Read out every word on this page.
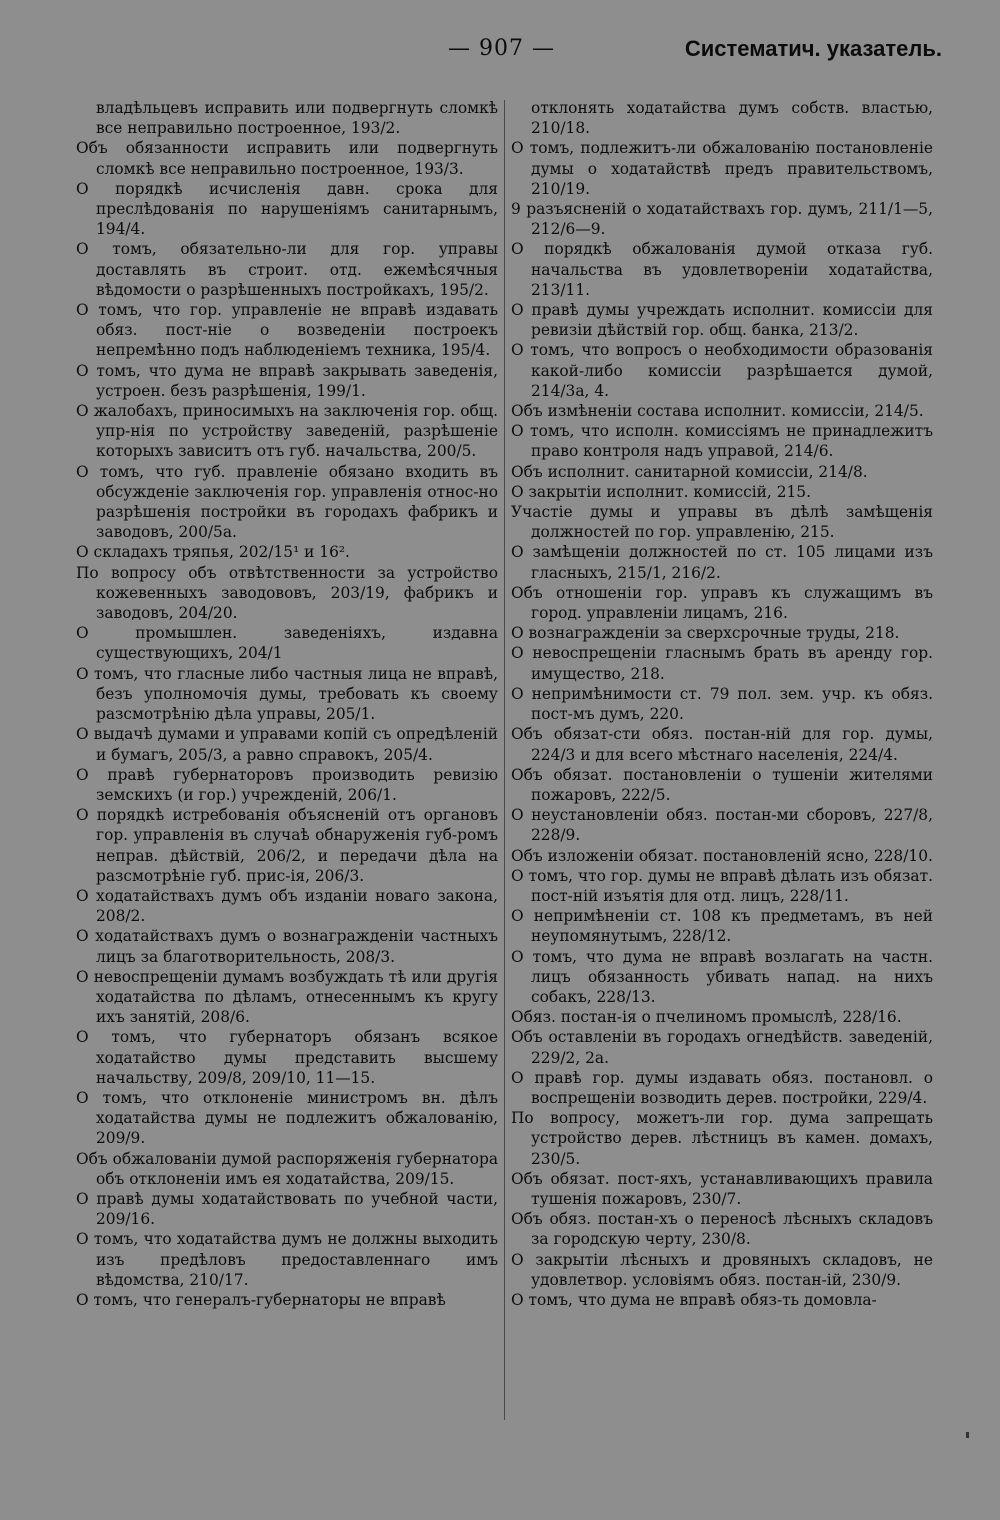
— 907 —	Систематич. указатель.
владѣльцевъ исправить или подвергнуть сломкѣ все неправильно построенное, 193/2.
Объ обязанности исправить или подвергнуть сломкѣ все неправильно построенное, 193/3.
О порядкѣ исчисленія давн. срока для преслѣдованія по нарушеніямъ санитарнымъ, 194/4.
О томъ, обязательно-ли для гор. управы доставлять въ строит. отд. ежемѣсячныя вѣдомости о разрѣшенныхъ постройкахъ, 195/2.
О томъ, что гор. управленіе не вправѣ издавать обяз. пост-ніе о возведеніи построекъ непремѣнно подъ наблюденіемъ техника, 195/4.
О томъ, что дума не вправѣ закрывать заведенія, устроен. безъ разрѣшенія, 199/1.
О жалобахъ, приносимыхъ на заключенія гор. общ. упр-нія по устройству заведеній, разрѣшеніе которыхъ зависитъ отъ губ. начальства, 200/5.
О томъ, что губ. правленіе обязано входить въ обсужденіе заключенія гор. управленія относ-но разрѣшенія постройки въ городахъ фабрикъ и заводовъ, 200/5а.
О складахъ тряпья, 202/15¹ и 16².
По вопросу объ отвѣтственности за устройство кожевенныхъ заводововъ, 203/19, фабрикъ и заводовъ, 204/20.
О промышлен. заведеніяхъ, издавна существующихъ, 204/1
О томъ, что гласные либо частныя лица не вправѣ, безъ уполномочія думы, требовать къ своему разсмотрѣнію дѣла управы, 205/1.
О выдачѣ думами и управами копій съ опредѣленій и бумагъ, 205/3, а равно справокъ, 205/4.
О правѣ губернаторовъ производить ревизію земскихъ (и гор.) учрежденій, 206/1.
О порядкѣ истребованія объясненій отъ органовъ гор. управленія въ случаѣ обнаруженія губ-ромъ неправ. дѣйствій, 206/2, и передачи дѣла на разсмотрѣніе губ. прис-ія, 206/3.
О ходатайствахъ думъ объ изданіи новаго закона, 208/2.
О ходатайствахъ думъ о вознагражденіи частныхъ лицъ за благотворительность, 208/3.
О невоспрещеніи думамъ возбуждать тѣ или другія ходатайства по дѣламъ, отнесеннымъ къ кругу ихъ занятій, 208/6.
О томъ, что губернаторъ обязанъ всякое ходатайство думы представить высшему начальству, 209/8, 209/10, 11—15.
О томъ, что отклоненіе министромъ вн. дѣлъ ходатайства думы не подлежитъ обжалованію, 209/9.
Объ обжалованіи думой распоряженія губернатора объ отклоненіи имъ ея ходатайства, 209/15.
О правѣ думы ходатайствовать по учебной части, 209/16.
О томъ, что ходатайства думъ не должны выходить изъ предѣловъ предоставленнаго имъ вѣдомства, 210/17.
О томъ, что генералъ-губернаторы не вправѣ
отклонять ходатайства думъ собств. властью, 210/18.
О томъ, подлежитъ-ли обжалованію постановленіе думы о ходатайствѣ предъ правительствомъ, 210/19.
9 разъясненій о ходатайствахъ гор. думъ, 211/1—5, 212/6—9.
О порядкѣ обжалованія думой отказа губ. начальства въ удовлетвореніи ходатайства, 213/11.
О правѣ думы учреждать исполнит. комиссіи для ревизіи дѣйствій гор. общ. банка, 213/2.
О томъ, что вопросъ о необходимости образованія какой-либо комиссіи разрѣшается думой, 214/3а, 4.
Объ измѣненіи состава исполнит. комиссіи, 214/5.
О томъ, что исполн. комиссіямъ не принадлежитъ право контроля надъ управой, 214/6.
Объ исполнит. санитарной комиссіи, 214/8.
О закрытіи исполнит. комиссій, 215.
Участіе думы и управы въ дѣлѣ замѣщенія должностей по гор. управленію, 215.
О замѣщеніи должностей по ст. 105 лицами изъ гласныхъ, 215/1, 216/2.
Объ отношеніи гор. управъ къ служащимъ въ город. управленіи лицамъ, 216.
О вознагражденіи за сверхсрочные труды, 218.
О невоспрещеніи гласнымъ брать въ аренду гор. имущество, 218.
О непримѣнимости ст. 79 пол. зем. учр. къ обяз. пост-мъ думъ, 220.
Объ обязат-сти обяз. постан-ній для гор. думы, 224/3 и для всего мѣстнаго населенія, 224/4.
Объ обязат. постановленіи о тушеніи жителями пожаровъ, 222/5.
О неустановленіи обяз. постан-ми сборовъ, 227/8, 228/9.
Объ изложеніи обязат. постановленій ясно, 228/10.
О томъ, что гор. думы не вправѣ дѣлать изъ обязат. пост-ній изъятія для отд. лицъ, 228/11.
О непримѣненіи ст. 108 къ предметамъ, въ ней неупомянутымъ, 228/12.
О томъ, что дума не вправѣ возлагать на частн. лицъ обязанность убивать напад. на нихъ собакъ, 228/13.
Обяз. постан-ія о пчелиномъ промыслѣ, 228/16.
Объ оставленіи въ городахъ огнедѣйств. заведеній, 229/2, 2а.
О правѣ гор. думы издавать обяз. постановл. о воспрещеніи возводить дерев. постройки, 229/4.
По вопросу, можетъ-ли гор. дума запрещать устройство дерев. лѣстницъ въ камен. домахъ, 230/5.
Объ обязат. пост-яхъ, устанавливающихъ правила тушенія пожаровъ, 230/7.
Объ обяз. постан-хъ о переносѣ лѣсныхъ складовъ за городскую черту, 230/8.
О закрытіи лѣсныхъ и дровяныхъ складовъ, не удовлетвор. условіямъ обяз. постан-ій, 230/9.
О томъ, что дума не вправѣ обяз-ть домовла-
